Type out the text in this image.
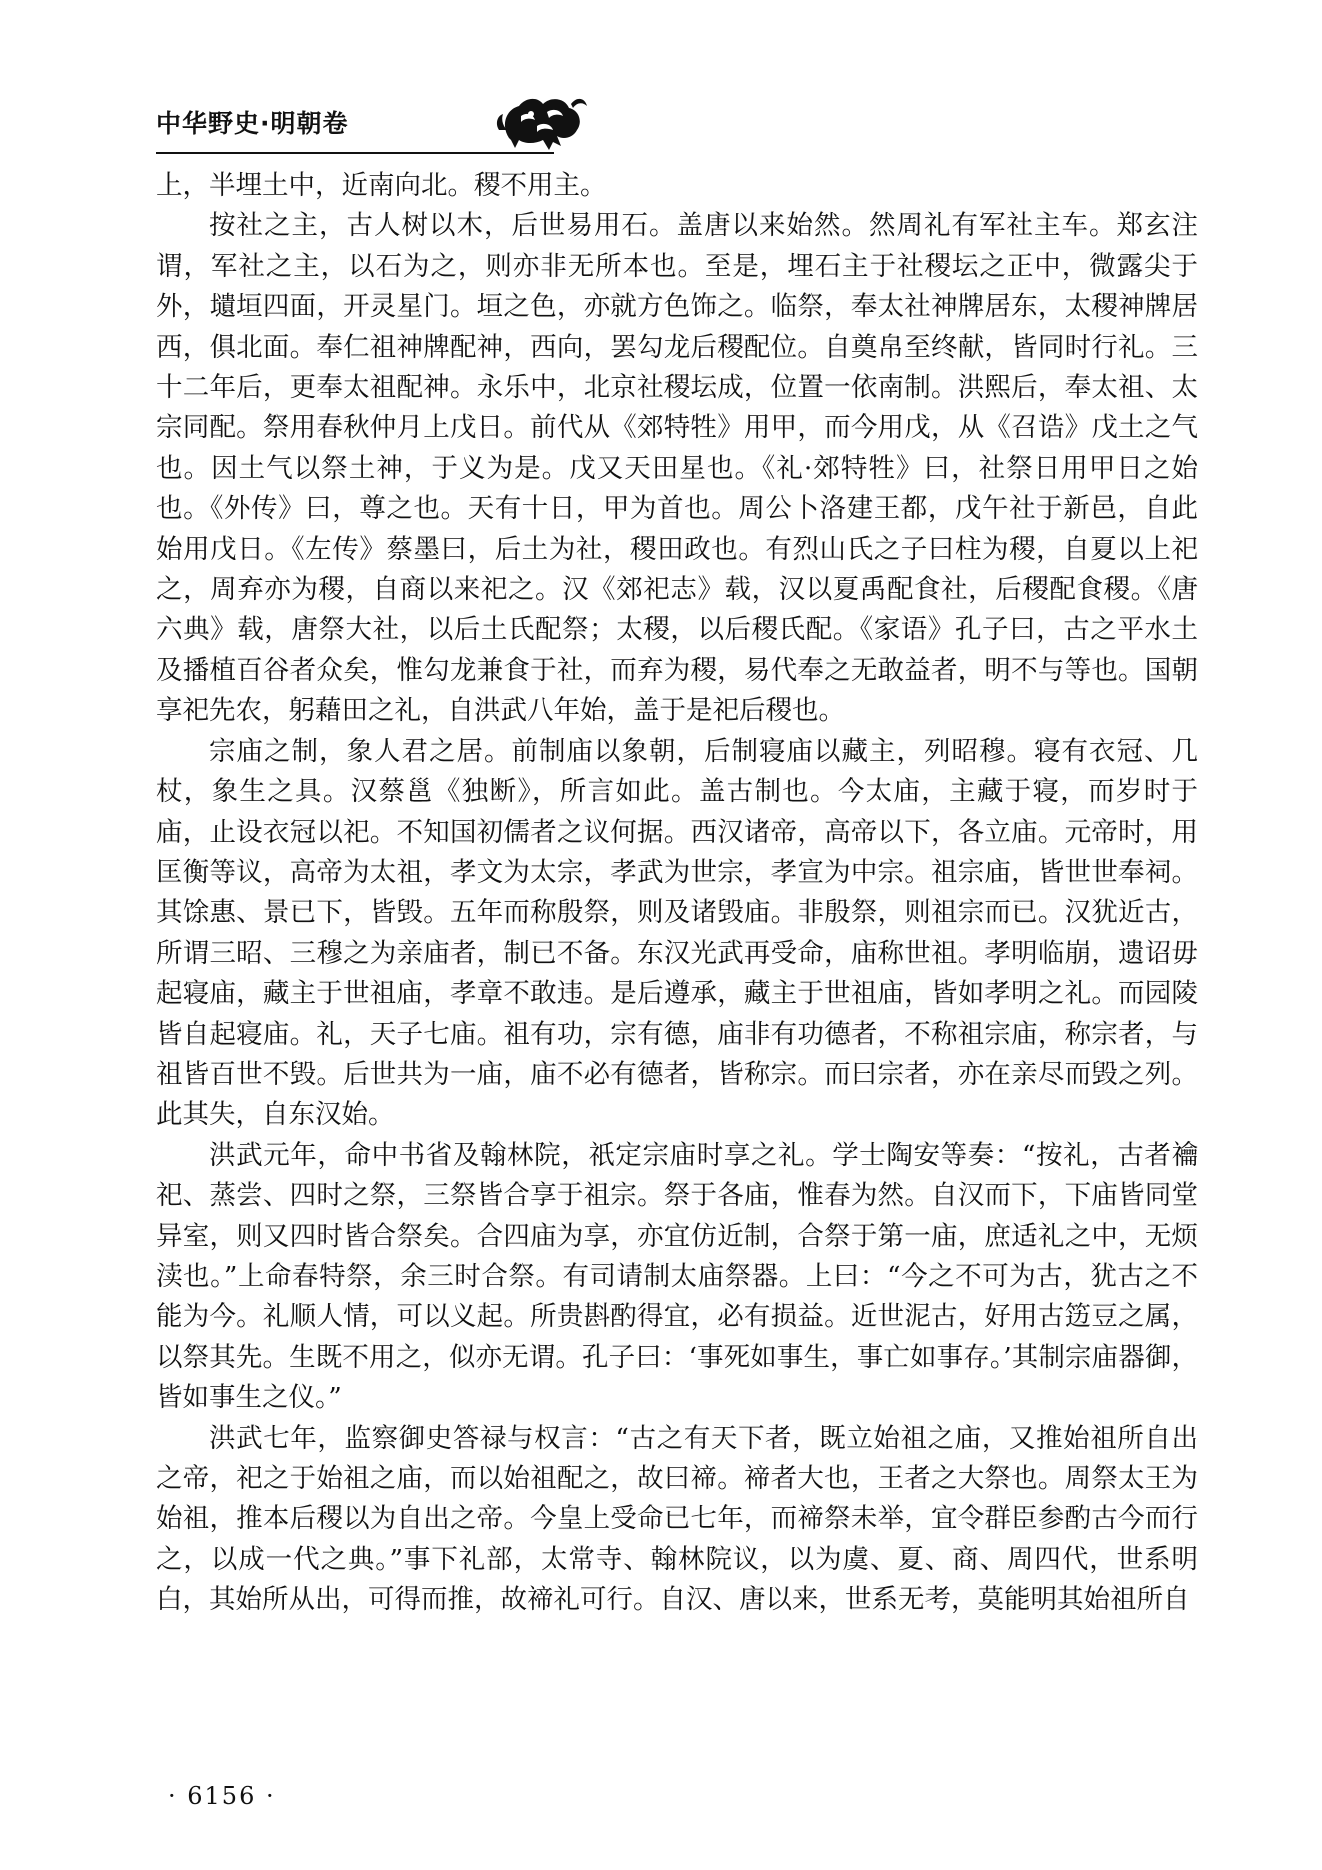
中华野史·明朝卷

上，半埋土中，近南向北。稷不用主。

按社之主，古人树以木，后世易用石。盖唐以来始然。然周礼有军社主车。郑玄注谓，军社之主，以石为之，则亦非无所本也。至是，埋石主于社稷坛之正中，微露尖于外，壝垣四面，开灵星门。垣之色，亦就方色饰之。临祭，奉太社神牌居东，太稷神牌居西，俱北面。奉仁祖神牌配神，西向，罢勾龙后稷配位。自奠帛至终献，皆同时行礼。三十二年后，更奉太祖配神。永乐中，北京社稷坛成，位置一依南制。洪熙后，奉太祖、太宗同配。祭用春秋仲月上戊日。前代从《郊特牲》用甲，而今用戊，从《召诰》戊土之气也。因土气以祭土神，于义为是。戊又天田星也。《礼·郊特牲》曰，社祭日用甲日之始也。《外传》曰，尊之也。天有十日，甲为首也。周公卜洛建王都，戊午社于新邑，自此始用戊日。《左传》蔡墨曰，后土为社，稷田政也。有烈山氏之子曰柱为稷，自夏以上祀之，周弃亦为稷，自商以来祀之。汉《郊祀志》载，汉以夏禹配食社，后稷配食稷。《唐六典》载，唐祭大社，以后土氏配祭；太稷，以后稷氏配。《家语》孔子曰，古之平水土及播植百谷者众矣，惟勾龙兼食于社，而弃为稷，易代奉之无敢益者，明不与等也。国朝享祀先农，躬藉田之礼，自洪武八年始，盖于是祀后稷也。

宗庙之制，象人君之居。前制庙以象朝，后制寝庙以藏主，列昭穆。寝有衣冠、几杖，象生之具。汉蔡邕《独断》，所言如此。盖古制也。今太庙，主藏于寝，而岁时于庙，止设衣冠以祀。不知国初儒者之议何据。西汉诸帝，高帝以下，各立庙。元帝时，用匡衡等议，高帝为太祖，孝文为太宗，孝武为世宗，孝宣为中宗。祖宗庙，皆世世奉祠。其馀惠、景已下，皆毁。五年而称殷祭，则及诸毁庙。非殷祭，则祖宗而已。汉犹近古，所谓三昭、三穆之为亲庙者，制已不备。东汉光武再受命，庙称世祖。孝明临崩，遗诏毋起寝庙，藏主于世祖庙，孝章不敢违。是后遵承，藏主于世祖庙，皆如孝明之礼。而园陵皆自起寝庙。礼，天子七庙。祖有功，宗有德，庙非有功德者，不称祖宗庙，称宗者，与祖皆百世不毁。后世共为一庙，庙不必有德者，皆称宗。而曰宗者，亦在亲尽而毁之列。此其失，自东汉始。

洪武元年，命中书省及翰林院，祇定宗庙时享之礼。学士陶安等奏：“按礼，古者禴祀、蒸尝、四时之祭，三祭皆合享于祖宗。祭于各庙，惟春为然。自汉而下，下庙皆同堂异室，则又四时皆合祭矣。合四庙为享，亦宜仿近制，合祭于第一庙，庶适礼之中，无烦渎也。”上命春特祭，余三时合祭。有司请制太庙祭器。上曰：“今之不可为古，犹古之不能为今。礼顺人情，可以义起。所贵斟酌得宜，必有损益。近世泥古，好用古笾豆之属，以祭其先。生既不用之，似亦无谓。孔子曰：‘事死如事生，事亡如事存。’其制宗庙器御，皆如事生之仪。”

洪武七年，监察御史答禄与权言：“古之有天下者，既立始祖之庙，又推始祖所自出之帝，祀之于始祖之庙，而以始祖配之，故曰禘。禘者大也，王者之大祭也。周祭太王为始祖，推本后稷以为自出之帝。今皇上受命已七年，而禘祭未举，宜令群臣参酌古今而行之，以成一代之典。”事下礼部，太常寺、翰林院议，以为虞、夏、商、周四代，世系明白，其始所从出，可得而推，故禘礼可行。自汉、唐以来，世系无考，莫能明其始祖所自

· 6156 ·
